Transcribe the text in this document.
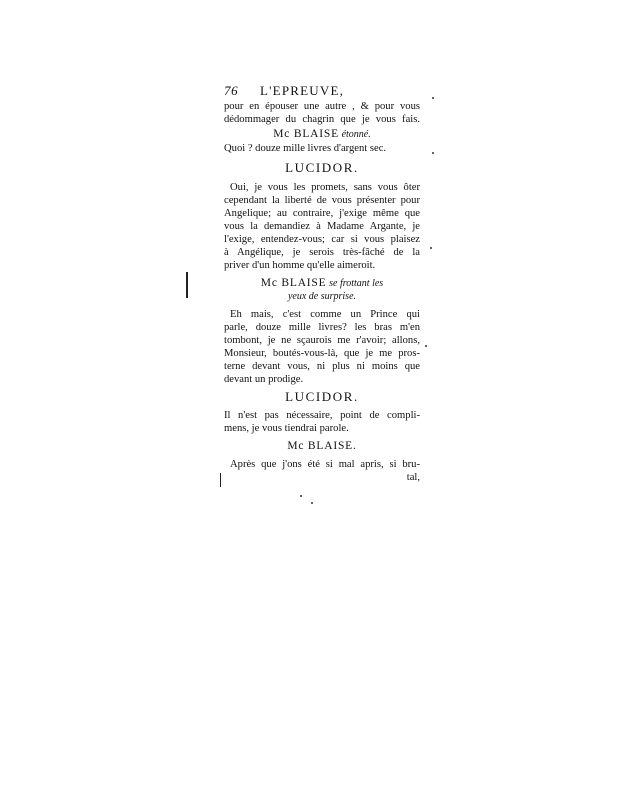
76 L'EPREUVE,
pour en épouser une autre , & pour vous
dédommager du chagrin que je vous fais.
Mc BLAISE étonné.
Quoi ? douze mille livres d'argent sec.
LUCIDOR.
Oui, je vous les promets, sans vous ôter
cependant la liberté de vous présenter pour
Angelique; au contraire, j'exige même que
vous la demandiez à Madame Argante, je
l'exige, entendez-vous; car si vous plaisez
à Angélique, je serois très-fâché de la
priver d'un homme qu'elle aimeroit.
Mc BLAISE se frottant les
yeux de surprise.
Eh mais, c'est comme un Prince qui
parle, douze mille livres? les bras m'en
tombont, je ne sçaurois me r'avoir; allons,
Monsieur, boutés-vous-là, que je me pros-
terne devant vous, ni plus ni moins que
devant un prodige.
LUCIDOR.
Il n'est pas nécessaire, point de compli-
mens, je vous tiendrai parole.
Mc BLAISE.
Après que j'ons été si mal apris, si bru-
tal,
